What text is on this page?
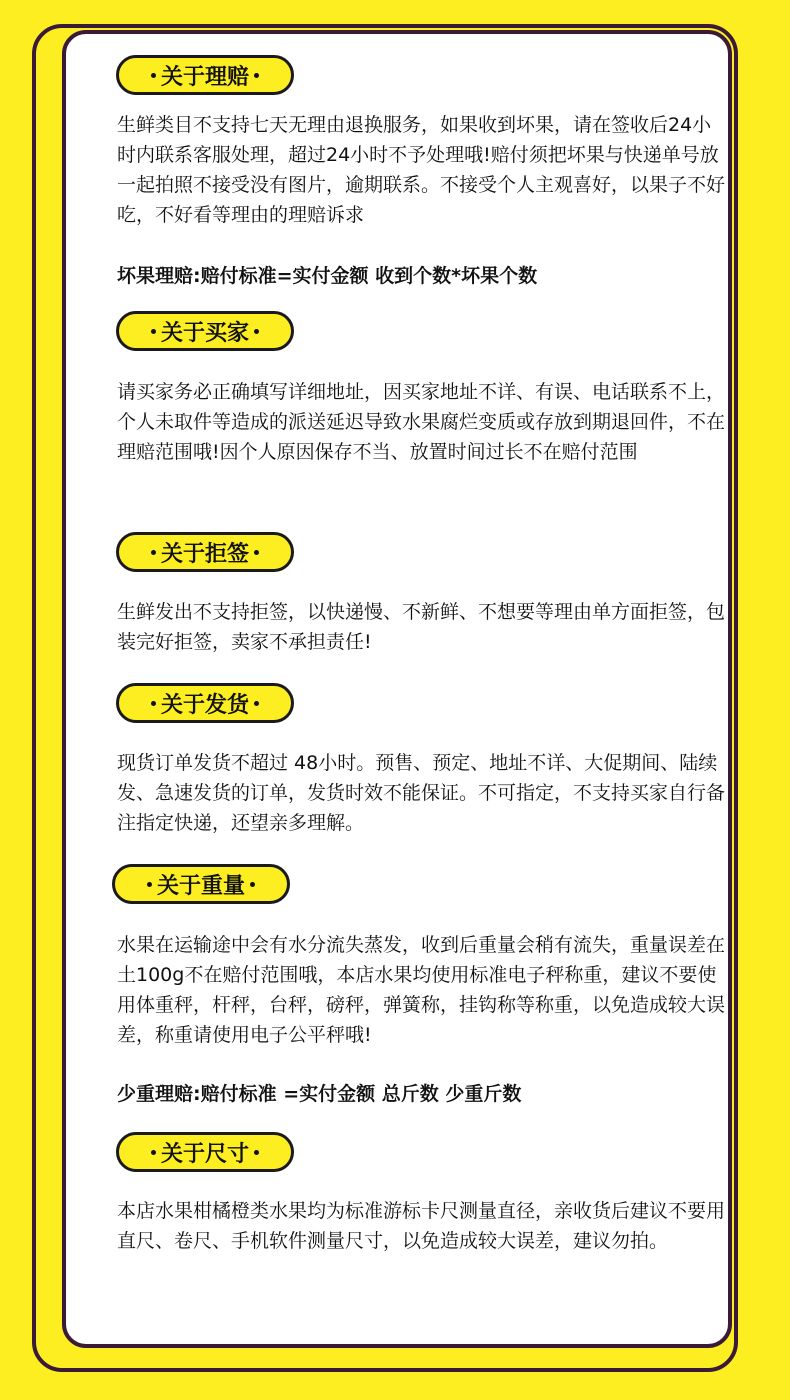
关于理赔

生鲜类目不支持七天无理由退换服务，如果收到坏果，请在签收后24小时内联系客服处理，超过24小时不予处理哦!赔付须把坏果与快递单号放一起拍照不接受没有图片，逾期联系。不接受个人主观喜好，以果子不好吃，不好看等理由的理赔诉求

坏果理赔:赔付标准=实付金额 收到个数*坏果个数

关于买家

请买家务必正确填写详细地址，因买家地址不详、有误、电话联系不上，个人未取件等造成的派送延迟导致水果腐烂变质或存放到期退回件，不在理赔范围哦!因个人原因保存不当、放置时间过长不在赔付范围

关于拒签

生鲜发出不支持拒签，以快递慢、不新鲜、不想要等理由单方面拒签，包装完好拒签，卖家不承担责任!

关于发货

现货订单发货不超过 48小时。预售、预定、地址不详、大促期间、陆续发、急速发货的订单，发货时效不能保证。不可指定，不支持买家自行备注指定快递，还望亲多理解。

关于重量

水果在运输途中会有水分流失蒸发，收到后重量会稍有流失，重量误差在土100g不在赔付范围哦，本店水果均使用标准电子秤称重，建议不要使用体重秤，杆秤，台秤，磅秤，弹簧称，挂钩称等称重，以免造成较大误差，称重请使用电子公平秤哦!

少重理赔:赔付标准 =实付金额 总斤数 少重斤数

关于尺寸

本店水果柑橘橙类水果均为标准游标卡尺测量直径，亲收货后建议不要用直尺、卷尺、手机软件测量尺寸，以免造成较大误差，建议勿拍。
